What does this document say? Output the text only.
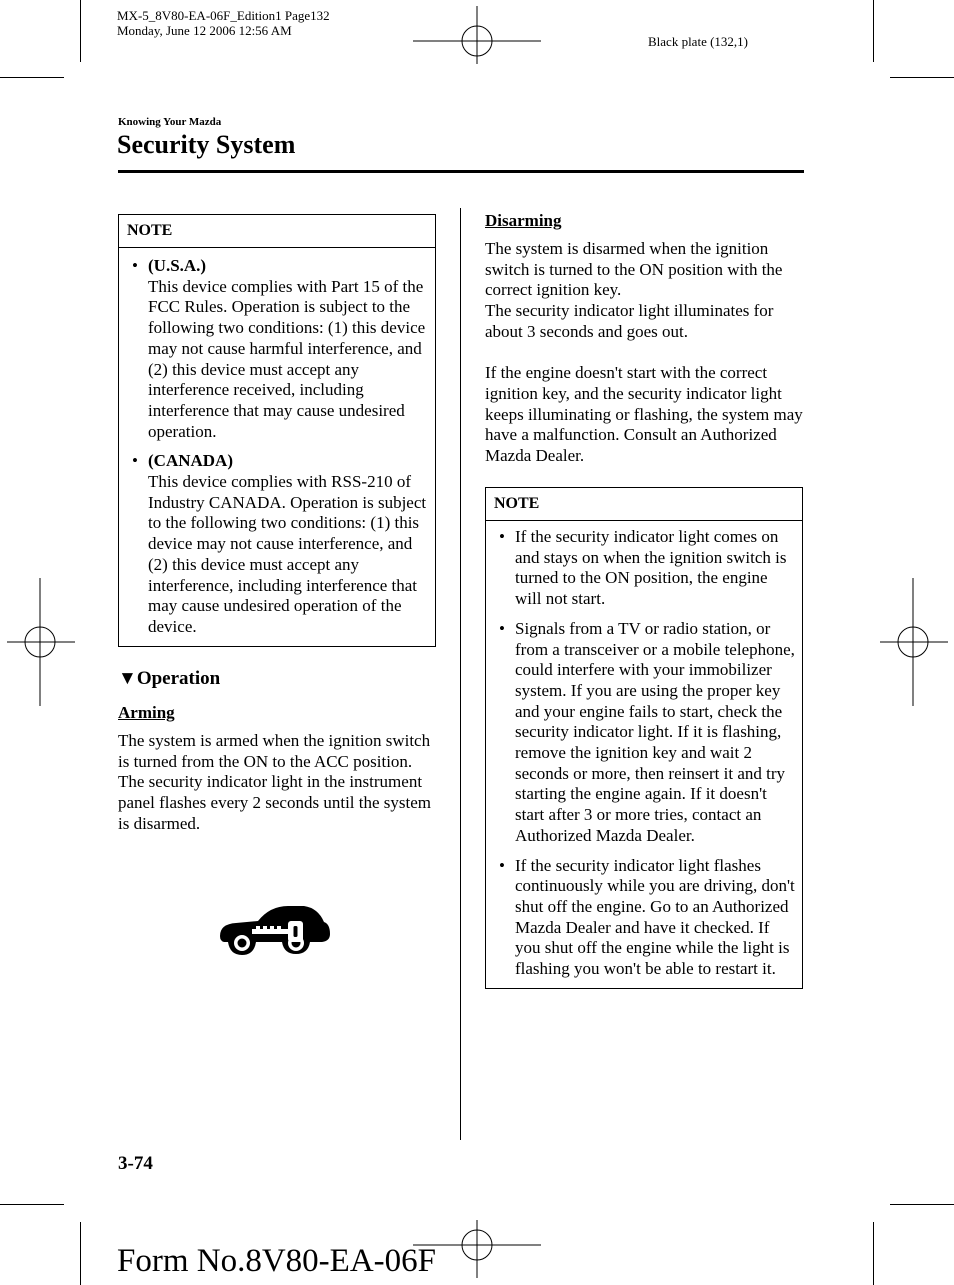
MX-5_8V80-EA-06F_Edition1 Page132
Monday, June 12 2006 12:56 AM
Black plate (132,1)
Knowing Your Mazda
Security System
NOTE
• (U.S.A.)
This device complies with Part 15 of the FCC Rules. Operation is subject to the following two conditions: (1) this device may not cause harmful interference, and (2) this device must accept any interference received, including interference that may cause undesired operation.
• (CANADA)
This device complies with RSS-210 of Industry CANADA. Operation is subject to the following two conditions: (1) this device may not cause interference, and (2) this device must accept any interference, including interference that may cause undesired operation of the device.
▼Operation
Arming
The system is armed when the ignition switch is turned from the ON to the ACC position.
The security indicator light in the instrument panel flashes every 2 seconds until the system is disarmed.
Disarming
The system is disarmed when the ignition switch is turned to the ON position with the correct ignition key.
The security indicator light illuminates for about 3 seconds and goes out.
If the engine doesn't start with the correct ignition key, and the security indicator light keeps illuminating or flashing, the system may have a malfunction. Consult an Authorized Mazda Dealer.
NOTE
• If the security indicator light comes on and stays on when the ignition switch is turned to the ON position, the engine will not start.
• Signals from a TV or radio station, or from a transceiver or a mobile telephone, could interfere with your immobilizer system. If you are using the proper key and your engine fails to start, check the security indicator light. If it is flashing, remove the ignition key and wait 2 seconds or more, then reinsert it and try starting the engine again. If it doesn't start after 3 or more tries, contact an Authorized Mazda Dealer.
• If the security indicator light flashes continuously while you are driving, don't shut off the engine. Go to an Authorized Mazda Dealer and have it checked. If you shut off the engine while the light is flashing you won't be able to restart it.
3-74
Form No.8V80-EA-06F
